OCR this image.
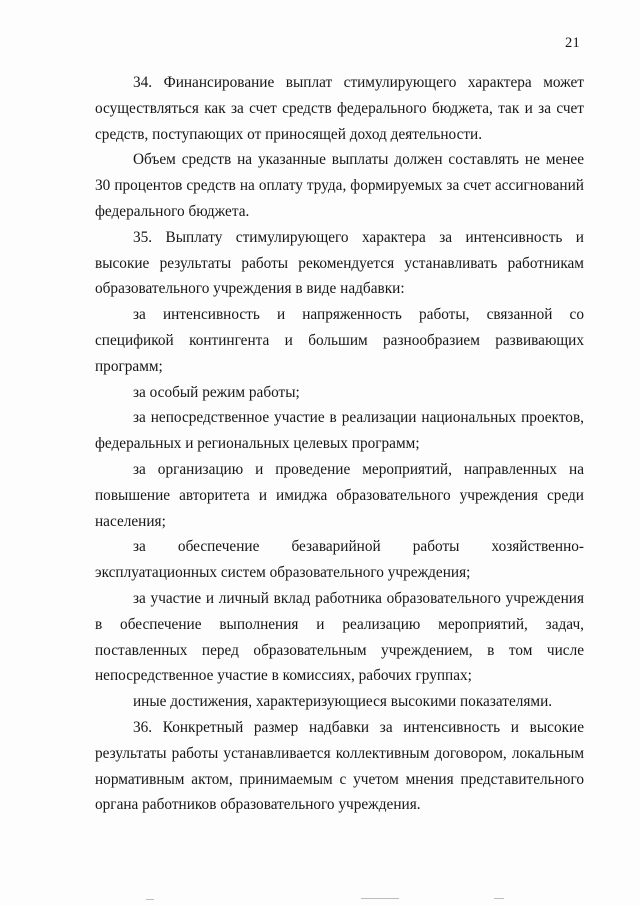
21

34. Финансирование выплат стимулирующего характера может осуществляться как за счет средств федерального бюджета, так и за счет средств, поступающих от приносящей доход деятельности.

Объем средств на указанные выплаты должен составлять не менее 30 процентов средств на оплату труда, формируемых за счет ассигнований федерального бюджета.

35. Выплату стимулирующего характера за интенсивность и высокие результаты работы рекомендуется устанавливать работникам образовательного учреждения в виде надбавки:

за интенсивность и напряженность работы, связанной со спецификой контингента и большим разнообразием развивающих программ;

за особый режим работы;

за непосредственное участие в реализации национальных проектов, федеральных и региональных целевых программ;

за организацию и проведение мероприятий, направленных на повышение авторитета и имиджа образовательного учреждения среди населения;

за обеспечение безаварийной работы хозяйственно-эксплуатационных систем образовательного учреждения;

за участие и личный вклад работника образовательного учреждения в обеспечение выполнения и реализацию мероприятий, задач, поставленных перед образовательным учреждением, в том числе непосредственное участие в комиссиях, рабочих группах;

иные достижения, характеризующиеся высокими показателями.

36. Конкретный размер надбавки за интенсивность и высокие результаты работы устанавливается коллективным договором, локальным нормативным актом, принимаемым с учетом мнения представительного органа работников образовательного учреждения.
